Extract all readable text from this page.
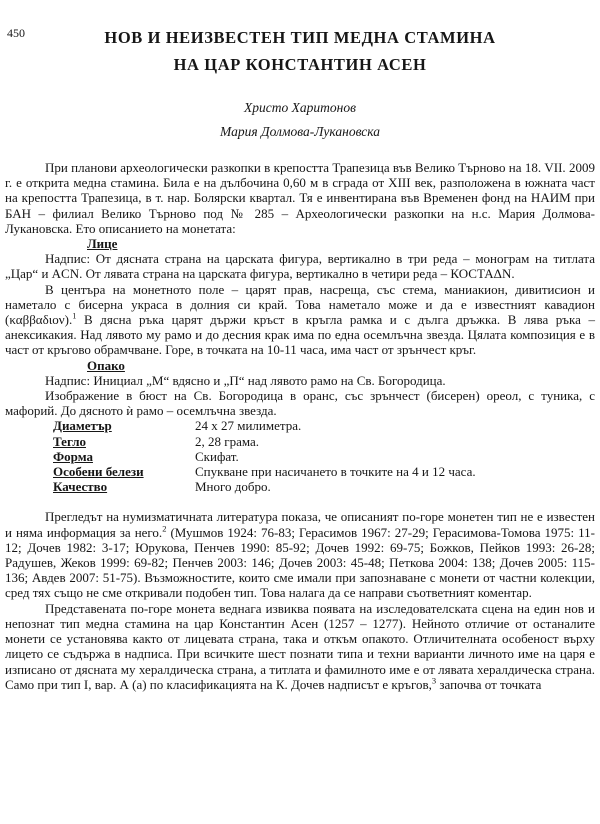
450	НОВ И НЕИЗВЕСТЕН ТИП МЕДНА СТАМИНА
НА ЦАР КОНСТАНТИН АСЕН
Христо Харитонов
Мария Долмова-Лукановска

При планови археологически разкопки в крепостта Трапезица във Велико Търново на 18. VII. 2009 г. е открита медна стамина. Била е на дълбочина 0,60 м в сграда от XIII век, разположена в южната част на крепостта Трапезица, в т. нар. Болярски квартал. Тя е инвентирана във Временен фонд на НАИМ при БАН – филиал Велико Търново под № 285 – Археологически разкопки на н.с. Мария Долмова-Лукановска. Ето описанието на монетата:

Лице

Надпис: От дясната страна на царската фигура, вертикално в три реда – монограм на титлата „Цар“ и ACN. От лявата страна на царската фигура, вертикално в четири реда – КОСТАΔN.

В центъра на монетното поле – царят прав, насреща, със стема, маниакион, дивитисион и наметало с бисерна украса в долния си край. Това наметало може и да е известният кавадион (καββαδιον).$^1$ В дясна ръка царят държи кръст в кръгла рамка и с дълга дръжка. В лява ръка – анексикакия. Над лявото му рамо и до десния крак има по една осемлъчна звезда. Цялата композиция е в част от кръгово обрамчване. Горе, в точката на 10-11 часа, има част от зрънчест кръг.

Опако

Надпис: Инициал „М“ вдясно и „П“ над лявото рамо на Св. Богородица.

Изображение в бюст на Св. Богородица в оранс, със зрънчест (бисерен) ореол, с туника, с мафорий. До дясното ѝ рамо – осемлъчна звезда.

Диаметър	24 x 27 милиметра.
Тегло	2, 28 грама.
Форма	Скифат.
Особени белези	Спукване при насичането в точките на 4 и 12 часа.
Качество	Много добро.

Прегледът на нумизматичната литература показа, че описаният по-горе монетен тип не е известен и няма информация за него.$^2$ (Мушмов 1924: 76-83; Герасимов 1967: 27-29; Герасимова-Томова 1975: 11-12; Дочев 1982: 3-17; Юрукова, Пенчев 1990: 85-92; Дочев 1992: 69-75; Божков, Пейков 1993: 26-28; Радушев, Жеков 1999: 69-82; Пенчев 2003: 146; Дочев 2003: 45-48; Петкова 2004: 138; Дочев 2005: 115-136; Авдев 2007: 51-75). Възможностите, които сме имали при запознаване с монети от частни колекции, сред тях също не сме откривали подобен тип. Това налага да се направи съответният коментар.

Представената по-горе монета веднага извиква появата на изследователската сцена на един нов и непознат тип медна стамина на цар Константин Асен (1257 – 1277). Нейното отличие от останалите монети се установява както от лицевата страна, така и откъм опакото. Отличителната особеност върху лицето се съдържа в надписа. При всичките шест познати типа и техни варианти личното име на царя е изписано от дясната му хералдическа страна, а титлата и фамилното име е от лявата хералдическа страна. Само при тип I, вар. А (а) по класификацията на К. Дочев надписът е кръгов,$^3$ започва от точката
